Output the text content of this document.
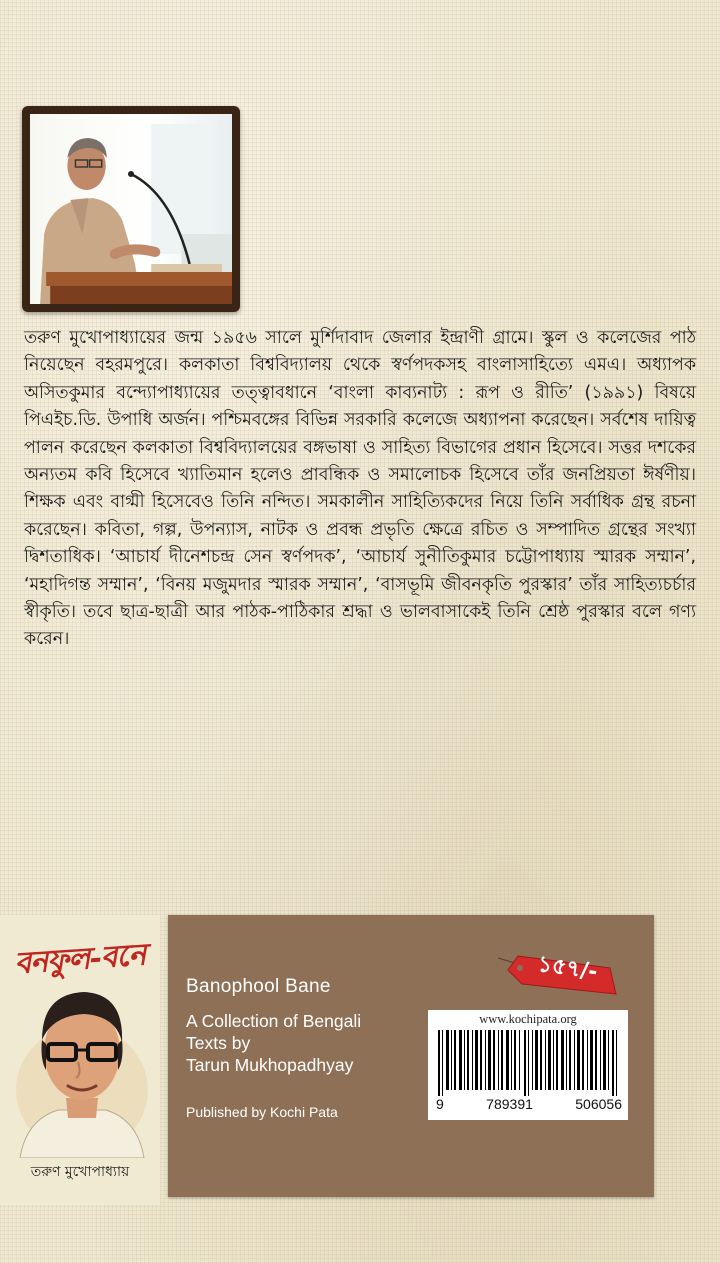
তরুণ মুখোপাধ্যায়ের জন্ম ১৯৫৬ সালে মুর্শিদাবাদ জেলার ইন্দ্রাণী গ্রামে। স্কুল ও কলেজের পাঠ নিয়েছেন বহরমপুরে। কলকাতা বিশ্ববিদ্যালয় থেকে স্বর্ণপদকসহ বাংলাসাহিত্যে এমএ। অধ্যাপক অসিতকুমার বন্দ্যোপাধ্যায়ের তত্ত্বাবধানে ‘বাংলা কাব্যনাট্য : রূপ ও রীতি’ (১৯৯১) বিষয়ে পিএইচ.ডি. উপাধি অর্জন। পশ্চিমবঙ্গের বিভিন্ন সরকারি কলেজে অধ্যাপনা করেছেন। সর্বশেষ দায়িত্ব পালন করেছেন কলকাতা বিশ্ববিদ্যালয়ের বঙ্গভাষা ও সাহিত্য বিভাগের প্রধান হিসেবে। সত্তর দশকের অন্যতম কবি হিসেবে খ্যাতিমান হলেও প্রাবন্ধিক ও সমালোচক হিসেবে তাঁর জনপ্রিয়তা ঈর্ষণীয়। শিক্ষক এবং বাগ্মী হিসেবেও তিনি নন্দিত। সমকালীন সাহিত্যিকদের নিয়ে তিনি সর্বাধিক গ্রন্থ রচনা করেছেন। কবিতা, গল্প, উপন্যাস, নাটক ও প্রবন্ধ প্রভৃতি ক্ষেত্রে রচিত ও সম্পাদিত গ্রন্থের সংখ্যা দ্বিশতাধিক। ‘আচার্য দীনেশচন্দ্র সেন স্বর্ণপদক’, ‘আচার্য সুনীতিকুমার চট্টোপাধ্যায় স্মারক সম্মান’, ‘মহাদিগন্ত সম্মান’, ‘বিনয় মজুমদার স্মারক সম্মান’, ‘বাসভূমি জীবনকৃতি পুরস্কার’ তাঁর সাহিত্যচর্চার স্বীকৃতি। তবে ছাত্র-ছাত্রী আর পাঠক-পাঠিকার শ্রদ্ধা ও ভালবাসাকেই তিনি শ্রেষ্ঠ পুরস্কার বলে গণ্য করেন।

বনফুল-বনে
তরুণ মুখোপাধ্যায়
Banophool Bane
A Collection of Bengali
Texts by
Tarun Mukhopadhyay
Published by Kochi Pata
১৫৭/-
www.kochipata.org
9	789391	506056
